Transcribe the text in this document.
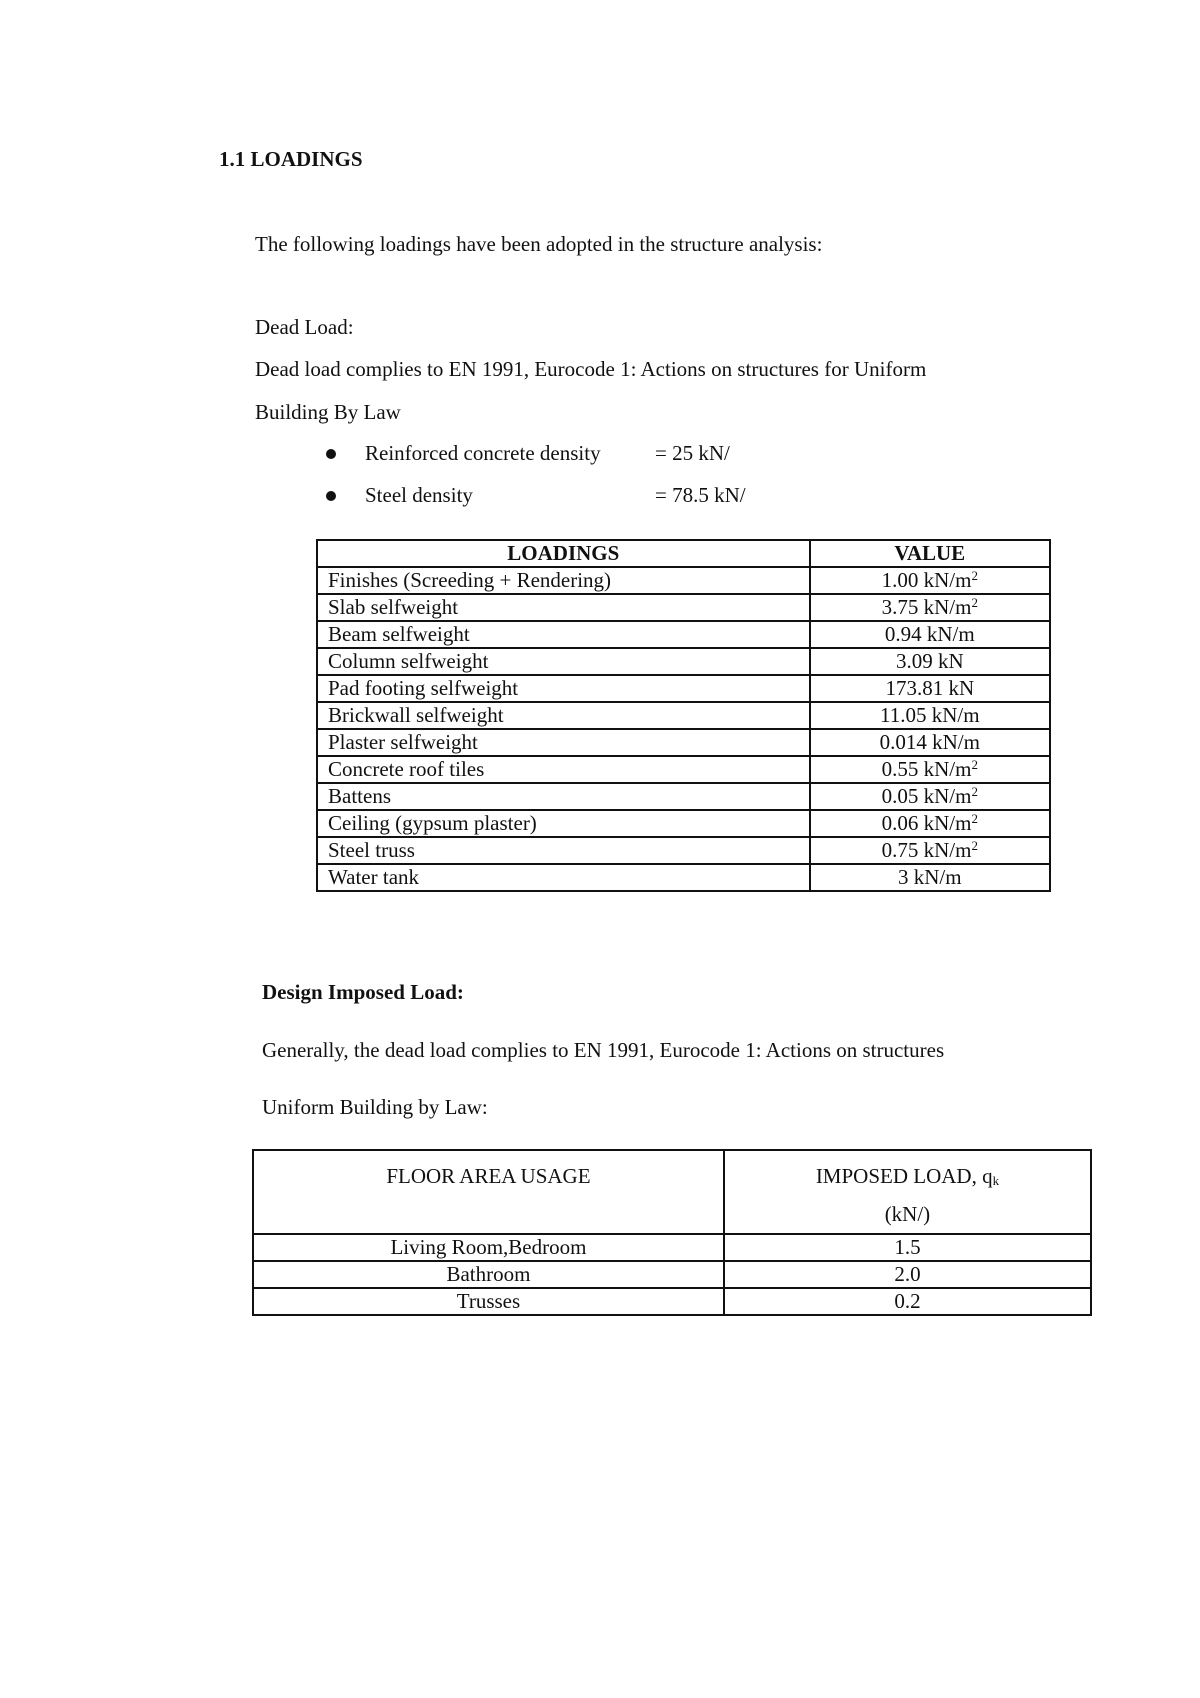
1.1 LOADINGS
The following loadings have been adopted in the structure analysis:
Dead Load:
Dead load complies to EN 1991, Eurocode 1: Actions on structures for Uniform
Building By Law
Reinforced concrete density	= 25 kN/
Steel density	= 78.5 kN/
LOADINGS	VALUE
Finishes (Screeding + Rendering)	1.00 $kN/m^2$
Slab selfweight	3.75 $kN/m^2$
Beam selfweight	0.94 kN/m
Column selfweight	3.09 kN
Pad footing selfweight	173.81 kN
Brickwall selfweight	11.05 kN/m
Plaster selfweight	0.014 kN/m
Concrete roof tiles	0.55 $kN/m^2$
Battens	0.05 $kN/m^2$
Ceiling (gypsum plaster)	0.06 $kN/m^2$
Steel truss	0.75 $kN/m^2$
Water tank	3 kN/m
Design Imposed Load:
Generally, the dead load complies to EN 1991, Eurocode 1: Actions on structures
Uniform Building by Law:
FLOOR AREA USAGE	IMPOSED LOAD, $q_k$
(kN/)
Living Room,Bedroom	1.5
Bathroom	2.0
Trusses	0.2
